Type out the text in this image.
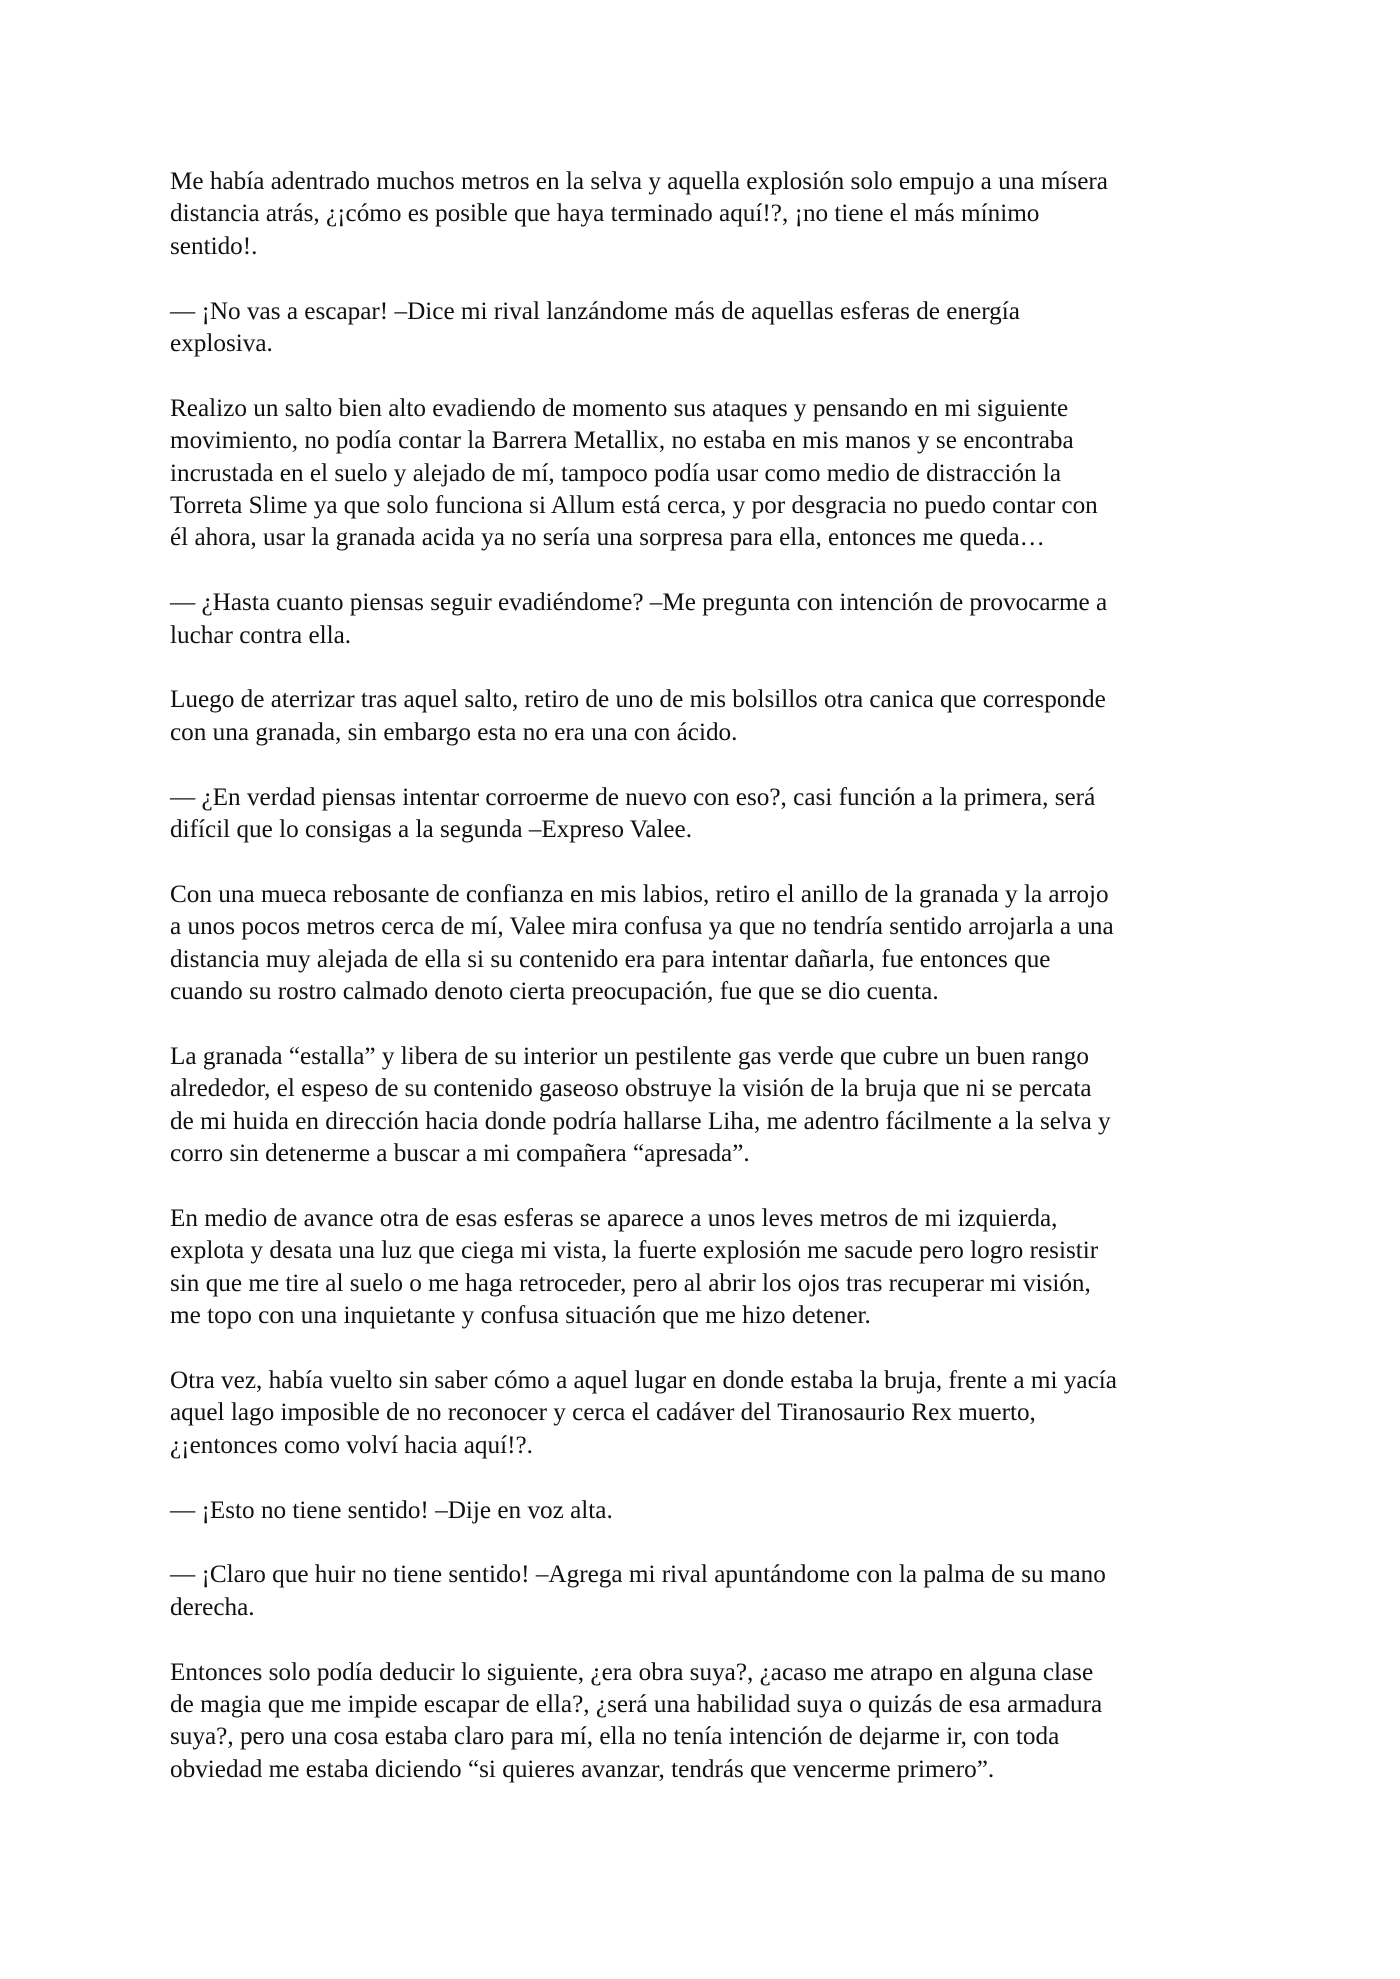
Me había adentrado muchos metros en la selva y aquella explosión solo empujo a una mísera
distancia atrás, ¿¡cómo es posible que haya terminado aquí!?, ¡no tiene el más mínimo
sentido!.

— ¡No vas a escapar! –Dice mi rival lanzándome más de aquellas esferas de energía
explosiva.

Realizo un salto bien alto evadiendo de momento sus ataques y pensando en mi siguiente
movimiento, no podía contar la Barrera Metallix, no estaba en mis manos y se encontraba
incrustada en el suelo y alejado de mí, tampoco podía usar como medio de distracción la
Torreta Slime ya que solo funciona si Allum está cerca, y por desgracia no puedo contar con
él ahora, usar la granada acida ya no sería una sorpresa para ella, entonces me queda…

— ¿Hasta cuanto piensas seguir evadiéndome? –Me pregunta con intención de provocarme a
luchar contra ella.

Luego de aterrizar tras aquel salto, retiro de uno de mis bolsillos otra canica que corresponde
con una granada, sin embargo esta no era una con ácido.

— ¿En verdad piensas intentar corroerme de nuevo con eso?, casi función a la primera, será
difícil que lo consigas a la segunda –Expreso Valee.

Con una mueca rebosante de confianza en mis labios, retiro el anillo de la granada y la arrojo
a unos pocos metros cerca de mí, Valee mira confusa ya que no tendría sentido arrojarla a una
distancia muy alejada de ella si su contenido era para intentar dañarla, fue entonces que
cuando su rostro calmado denoto cierta preocupación, fue que se dio cuenta.

La granada “estalla” y libera de su interior un pestilente gas verde que cubre un buen rango
alrededor, el espeso de su contenido gaseoso obstruye la visión de la bruja que ni se percata
de mi huida en dirección hacia donde podría hallarse Liha, me adentro fácilmente a la selva y
corro sin detenerme a buscar a mi compañera “apresada”.

En medio de avance otra de esas esferas se aparece a unos leves metros de mi izquierda,
explota y desata una luz que ciega mi vista, la fuerte explosión me sacude pero logro resistir
sin que me tire al suelo o me haga retroceder, pero al abrir los ojos tras recuperar mi visión,
me topo con una inquietante y confusa situación que me hizo detener.

Otra vez, había vuelto sin saber cómo a aquel lugar en donde estaba la bruja, frente a mi yacía
aquel lago imposible de no reconocer y cerca el cadáver del Tiranosaurio Rex muerto,
¿¡entonces como volví hacia aquí!?.

— ¡Esto no tiene sentido! –Dije en voz alta.

— ¡Claro que huir no tiene sentido! –Agrega mi rival apuntándome con la palma de su mano
derecha.

Entonces solo podía deducir lo siguiente, ¿era obra suya?, ¿acaso me atrapo en alguna clase
de magia que me impide escapar de ella?, ¿será una habilidad suya o quizás de esa armadura
suya?, pero una cosa estaba claro para mí, ella no tenía intención de dejarme ir, con toda
obviedad me estaba diciendo “si quieres avanzar, tendrás que vencerme primero”.
